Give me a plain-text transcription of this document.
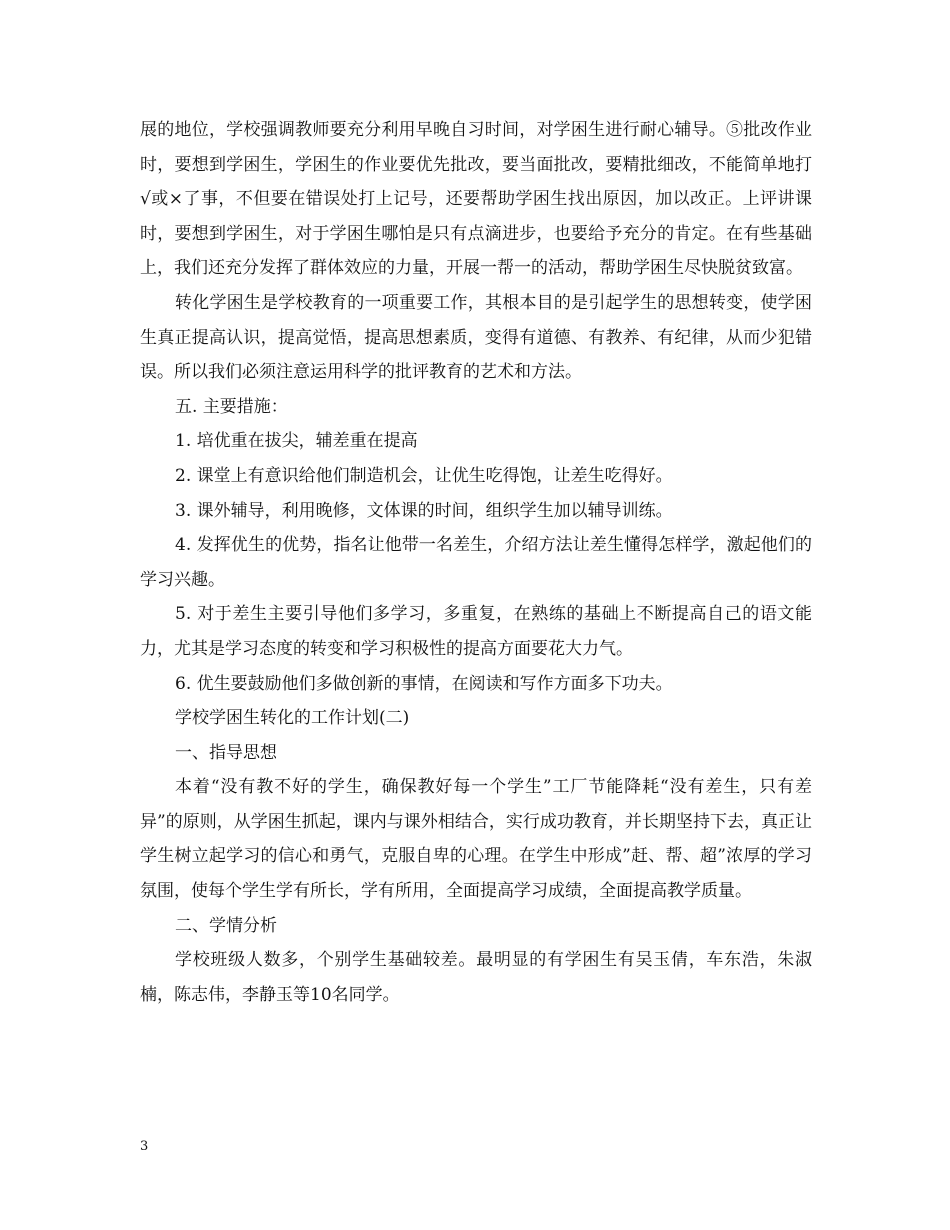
展的地位，学校强调教师要充分利用早晚自习时间，对学困生进行耐心辅导。⑤批改作业时，要想到学困生，学困生的作业要优先批改，要当面批改，要精批细改，不能简单地打√或×了事，不但要在错误处打上记号，还要帮助学困生找出原因，加以改正。上评讲课时，要想到学困生，对于学困生哪怕是只有点滴进步，也要给予充分的肯定。在有些基础上，我们还充分发挥了群体效应的力量，开展一帮一的活动，帮助学困生尽快脱贫致富。

转化学困生是学校教育的一项重要工作，其根本目的是引起学生的思想转变，使学困生真正提高认识，提高觉悟，提高思想素质，变得有道德、有教养、有纪律，从而少犯错误。所以我们必须注意运用科学的批评教育的艺术和方法。

五. 主要措施：

1. 培优重在拔尖，辅差重在提高

2. 课堂上有意识给他们制造机会，让优生吃得饱，让差生吃得好。

3. 课外辅导，利用晚修，文体课的时间，组织学生加以辅导训练。

4. 发挥优生的优势，指名让他带一名差生，介绍方法让差生懂得怎样学，激起他们的学习兴趣。

5. 对于差生主要引导他们多学习，多重复，在熟练的基础上不断提高自己的语文能力，尤其是学习态度的转变和学习积极性的提高方面要花大力气。

6. 优生要鼓励他们多做创新的事情，在阅读和写作方面多下功夫。

学校学困生转化的工作计划(二)

一、指导思想

本着“没有教不好的学生，确保教好每一个学生”工厂节能降耗“没有差生，只有差异”的原则，从学困生抓起，课内与课外相结合，实行成功教育，并长期坚持下去，真正让学生树立起学习的信心和勇气，克服自卑的心理。在学生中形成”赶、帮、超”浓厚的学习氛围，使每个学生学有所长，学有所用，全面提高学习成绩，全面提高教学质量。

二、学情分析

学校班级人数多，个别学生基础较差。最明显的有学困生有吴玉倩，车东浩，朱淑楠，陈志伟，李静玉等10名同学。

3
